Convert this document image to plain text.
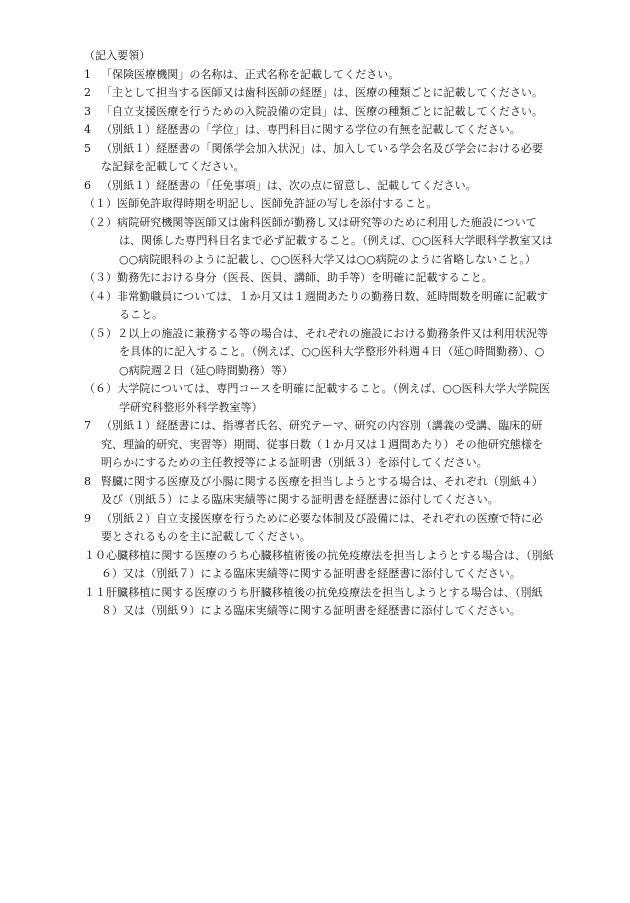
（記入要領）

1 「保険医療機関」の名称は、正式名称を記載してください。

2 「主として担当する医師又は歯科医師の経歴」は、医療の種類ごとに記載してください。

3 「自立支援医療を行うための入院設備の定員」は、医療の種類ごとに記載してください。

4 （別紙１）経歴書の「学位」は、専門科目に関する学位の有無を記載してください。

5 （別紙１）経歴書の「関係学会加入状況」は、加入している学会名及び学会における必要な記録を記載してください。

6 （別紙１）経歴書の「任免事項」は、次の点に留意し、記載してください。

（１）医師免許取得時期を明記し、医師免許証の写しを添付すること。

（２）病院研究機関等医師又は歯科医師が勤務し又は研究等のために利用した施設については、関係した専門科目名まで必ず記載すること。（例えば、○○医科大学眼科学教室又は○○病院眼科のように記載し、○○医科大学又は○○病院のように省略しないこと。）

（３）勤務先における身分（医長、医員、講師、助手等）を明確に記載すること。

（４）非常勤職員については、１か月又は１週間あたりの勤務日数、延時間数を明確に記載すること。

（５）２以上の施設に兼務する等の場合は、それぞれの施設における勤務条件又は利用状況等を具体的に記入すること。（例えば、○○医科大学整形外科週４日（延○時間勤務）、○○病院週２日（延○時間勤務）等）

（６）大学院については、専門コースを明確に記載すること。（例えば、○○医科大学大学院医学研究科整形外科学教室等）

7 （別紙１）経歴書には、指導者氏名、研究テーマ、研究の内容別（講義の受講、臨床的研究、理論的研究、実習等）期間、従事日数（１か月又は１週間あたり）その他研究態様を明らかにするための主任教授等による証明書（別紙３）を添付してください。

8 腎臓に関する医療及び小腸に関する医療を担当しようとする場合は、それぞれ（別紙４）及び（別紙５）による臨床実績等に関する証明書を経歴書に添付してください。

9 （別紙２）自立支援医療を行うために必要な体制及び設備には、それぞれの医療で特に必要とされるものを主に記載してください。

１０心臓移植に関する医療のうち心臓移植術後の抗免疫療法を担当しようとする場合は、（別紙６）又は（別紙７）による臨床実績等に関する証明書を経歴書に添付してください。

１１肝臓移植に関する医療のうち肝臓移植後の抗免疫療法を担当しようとする場合は、（別紙８）又は（別紙９）による臨床実績等に関する証明書を経歴書に添付してください。
